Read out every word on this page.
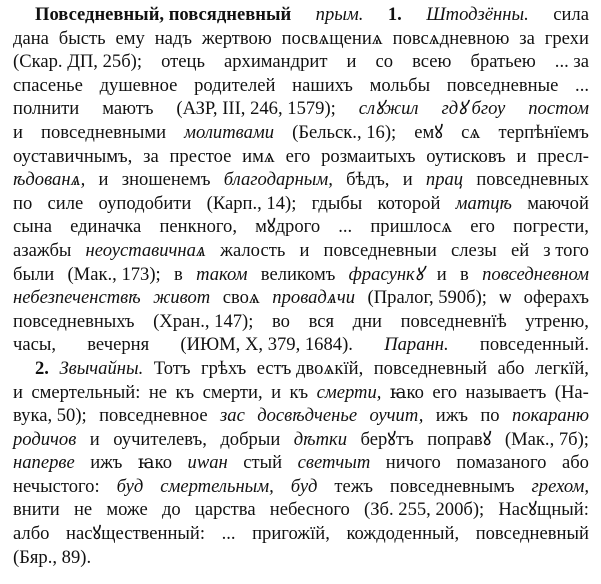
Повседневный, повсядневный прым. 1. Штодзённы. сила
дана бысть ему надъ жертвою посвѧщениѧ повсѧдневною за грехи
(Скар. ДП, 25б); отець архимандрит и со всею братьею ... за
спасенье душевное родителей нашихъ мольбы повседневные ...
полнити маютъ (АЗР, III, 246, 1579); слꙋжил гдꙋ бгоу постом
и повседневными молитвами (Бельск., 16); емꙋ сѧ терпѣнїемъ
оуставичнымъ, за престое имѧ его розмаитыхъ оутисковъ и пресл-
ѣдованѧ, и зношенемъ благодарным, бѣдъ, и прац повседневных
по силе оуподобити (Карп., 14); гдыбы которой матцѣ маючой
сына единачка пенкного, мꙋдрого ... пришлосѧ его погрести,
азажбы неоуставичнаѧ жалость и повседневныи слезы ей з того
были (Мак., 173); в таком великомъ фрасункꙋ и в повседневном
небезпеченствѣ живот своѧ провадѧчи (Пралог, 590б); ѡ оферахъ
повседневныхъ (Хран., 147); во вся дни повседневнїѣ утреню,
часы, вечерня (ИЮМ, X, 379, 1684). Паранн. повседенный.
2. Звычайны. Тотъ грѣхъ естъ двоѧкїй, повседневный або легкїй,
и смертельный: не къ смерти, и къ смерти, ꙗко его называетъ (На-
вука, 50); повседневное зас досвѣдченье оучит, ижъ по покараню
родичов и оучителевъ, добрыи дѣтки берꙋтъ поправꙋ (Мак., 7б);
наперве ижъ ꙗко иwан стый светчыт ничого помазаного або
нечыстого: буд смертельным, буд тежъ повседневнымъ грехом,
внити не може до царства небесного (Зб. 255, 200б); Насꙋщный:
албо насꙋщественный: ... пригожїй, кождоденный, повседневный
(Бяр., 89).
